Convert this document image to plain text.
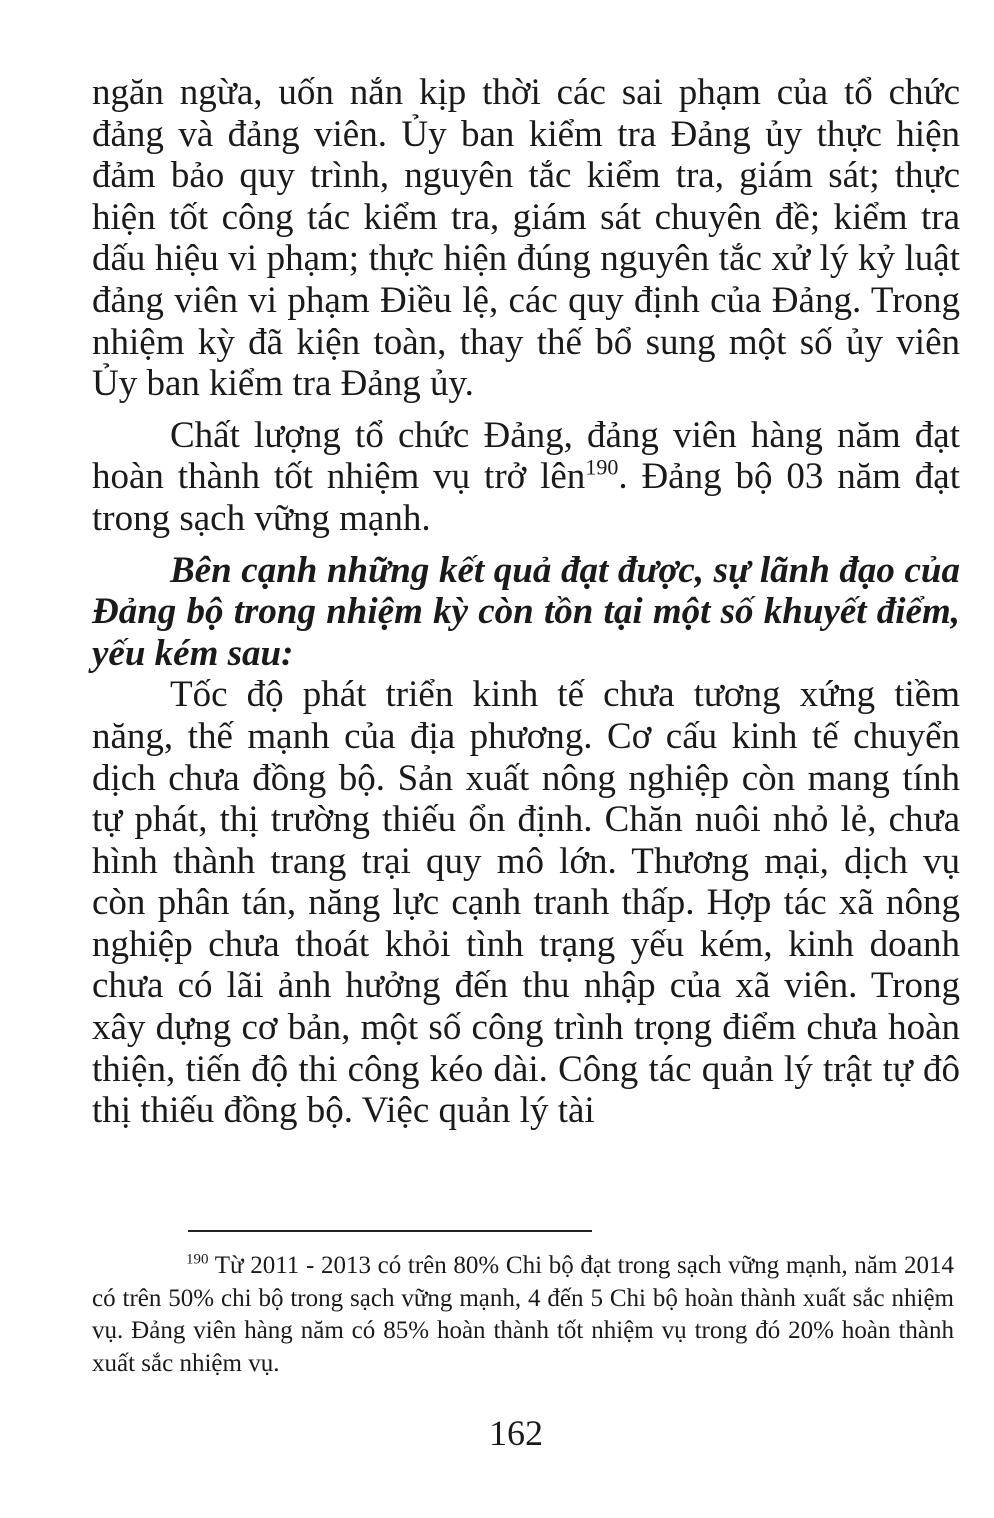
ngăn ngừa, uốn nắn kịp thời các sai phạm của tổ chức đảng và đảng viên. Ủy ban kiểm tra Đảng ủy thực hiện đảm bảo quy trình, nguyên tắc kiểm tra, giám sát; thực hiện tốt công tác kiểm tra, giám sát chuyên đề; kiểm tra dấu hiệu vi phạm; thực hiện đúng nguyên tắc xử lý kỷ luật đảng viên vi phạm Điều lệ, các quy định của Đảng. Trong nhiệm kỳ đã kiện toàn, thay thế bổ sung một số ủy viên Ủy ban kiểm tra Đảng ủy.

Chất lượng tổ chức Đảng, đảng viên hàng năm đạt hoàn thành tốt nhiệm vụ trở lên$^{190}$. Đảng bộ 03 năm đạt trong sạch vững mạnh.

Bên cạnh những kết quả đạt được, sự lãnh đạo của Đảng bộ trong nhiệm kỳ còn tồn tại một số khuyết điểm, yếu kém sau:

Tốc độ phát triển kinh tế chưa tương xứng tiềm năng, thế mạnh của địa phương. Cơ cấu kinh tế chuyển dịch chưa đồng bộ. Sản xuất nông nghiệp còn mang tính tự phát, thị trường thiếu ổn định. Chăn nuôi nhỏ lẻ, chưa hình thành trang trại quy mô lớn. Thương mại, dịch vụ còn phân tán, năng lực cạnh tranh thấp. Hợp tác xã nông nghiệp chưa thoát khỏi tình trạng yếu kém, kinh doanh chưa có lãi ảnh hưởng đến thu nhập của xã viên. Trong xây dựng cơ bản, một số công trình trọng điểm chưa hoàn thiện, tiến độ thi công kéo dài. Công tác quản lý trật tự đô thị thiếu đồng bộ. Việc quản lý tài

$^{190}$ Từ 2011 - 2013 có trên 80% Chi bộ đạt trong sạch vững mạnh, năm 2014 có trên 50% chi bộ trong sạch vững mạnh, 4 đến 5 Chi bộ hoàn thành xuất sắc nhiệm vụ. Đảng viên hàng năm có 85% hoàn thành tốt nhiệm vụ trong đó 20% hoàn thành xuất sắc nhiệm vụ.

162
